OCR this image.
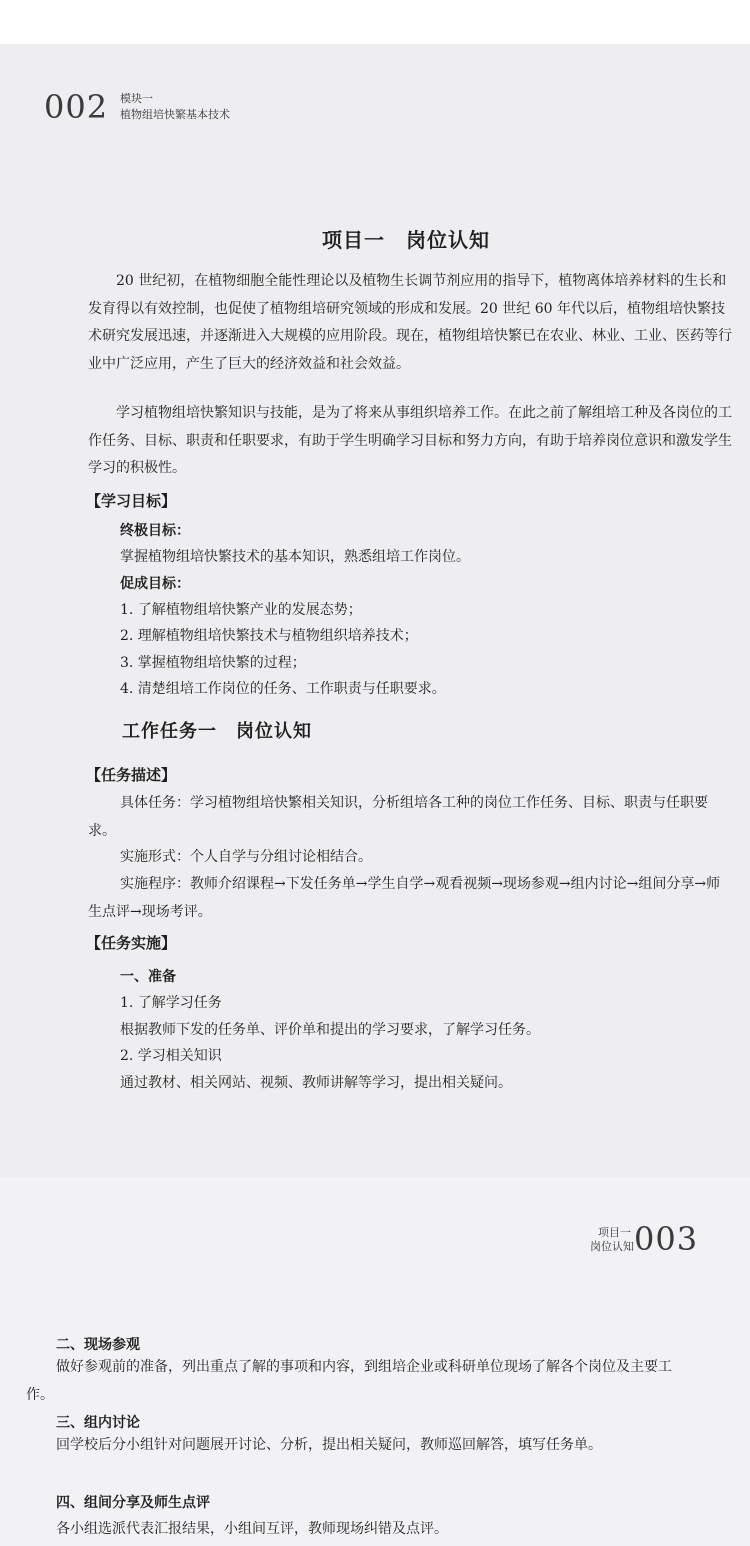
002 模块一
植物组培快繁基本技术
项目一　岗位认知
20 世纪初，在植物细胞全能性理论以及植物生长调节剂应用的指导下，植物离体培养材料的生长和发育得以有效控制，也促使了植物组培研究领域的形成和发展。20 世纪 60 年代以后，植物组培快繁技术研究发展迅速，并逐渐进入大规模的应用阶段。现在，植物组培快繁已在农业、林业、工业、医药等行业中广泛应用，产生了巨大的经济效益和社会效益。
学习植物组培快繁知识与技能，是为了将来从事组织培养工作。在此之前了解组培工种及各岗位的工作任务、目标、职责和任职要求，有助于学生明确学习目标和努力方向，有助于培养岗位意识和激发学生学习的积极性。
【学习目标】
终极目标：
掌握植物组培快繁技术的基本知识，熟悉组培工作岗位。
促成目标：
1. 了解植物组培快繁产业的发展态势；
2. 理解植物组培快繁技术与植物组织培养技术；
3. 掌握植物组培快繁的过程；
4. 清楚组培工作岗位的任务、工作职责与任职要求。
工作任务一　岗位认知
【任务描述】
具体任务：学习植物组培快繁相关知识，分析组培各工种的岗位工作任务、目标、职责与任职要求。
实施形式：个人自学与分组讨论相结合。
实施程序：教师介绍课程→下发任务单→学生自学→观看视频→现场参观→组内讨论→组间分享→师生点评→现场考评。
【任务实施】
一、准备
1. 了解学习任务
根据教师下发的任务单、评价单和提出的学习要求，了解学习任务。
2. 学习相关知识
通过教材、相关网站、视频、教师讲解等学习，提出相关疑问。
项目一
岗位认知 003
二、现场参观
做好参观前的准备，列出重点了解的事项和内容，到组培企业或科研单位现场了解各个岗位及主要工作。
三、组内讨论
回学校后分小组针对问题展开讨论、分析，提出相关疑问，教师巡回解答，填写任务单。
四、组间分享及师生点评
各小组选派代表汇报结果，小组间互评，教师现场纠错及点评。
